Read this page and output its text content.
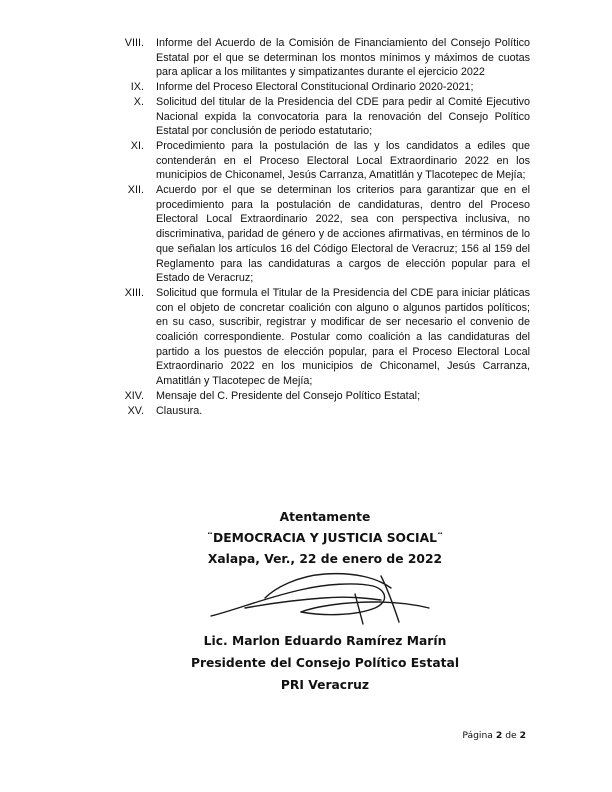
VIII.	Informe del Acuerdo de la Comisión de Financiamiento del Consejo Político Estatal por el que se determinan los montos mínimos y máximos de cuotas para aplicar a los militantes y simpatizantes durante el ejercicio 2022
IX.	Informe del Proceso Electoral Constitucional Ordinario 2020-2021;
X.	Solicitud del titular de la Presidencia del CDE para pedir al Comité Ejecutivo Nacional expida la convocatoria para la renovación del Consejo Político Estatal por conclusión de periodo estatutario;
XI.	Procedimiento para la postulación de las y los candidatos a ediles que contenderán en el Proceso Electoral Local Extraordinario 2022 en los municipios de Chiconamel, Jesús Carranza, Amatitlán y Tlacotepec de Mejía;
XII.	Acuerdo por el que se determinan los criterios para garantizar que en el procedimiento para la postulación de candidaturas, dentro del Proceso Electoral Local Extraordinario 2022, sea con perspectiva inclusiva, no discriminativa, paridad de género y de acciones afirmativas, en términos de lo que señalan los artículos 16 del Código Electoral de Veracruz; 156 al 159 del Reglamento para las candidaturas a cargos de elección popular para el Estado de Veracruz;
XIII.	Solicitud que formula el Titular de la Presidencia del CDE para iniciar pláticas con el objeto de concretar coalición con alguno o algunos partidos políticos; en su caso, suscribir, registrar y modificar de ser necesario el convenio de coalición correspondiente. Postular como coalición a las candidaturas del partido a los puestos de elección popular, para el Proceso Electoral Local Extraordinario 2022 en los municipios de Chiconamel, Jesús Carranza, Amatitlán y Tlacotepec de Mejía;
XIV.	Mensaje del C. Presidente del Consejo Político Estatal;
XV.	Clausura.
Atentamente
¨DEMOCRACIA Y JUSTICIA SOCIAL¨
Xalapa, Ver., 22 de enero de 2022
Lic. Marlon Eduardo Ramírez Marín
Presidente del Consejo Político Estatal
PRI Veracruz
Página 2 de 2
